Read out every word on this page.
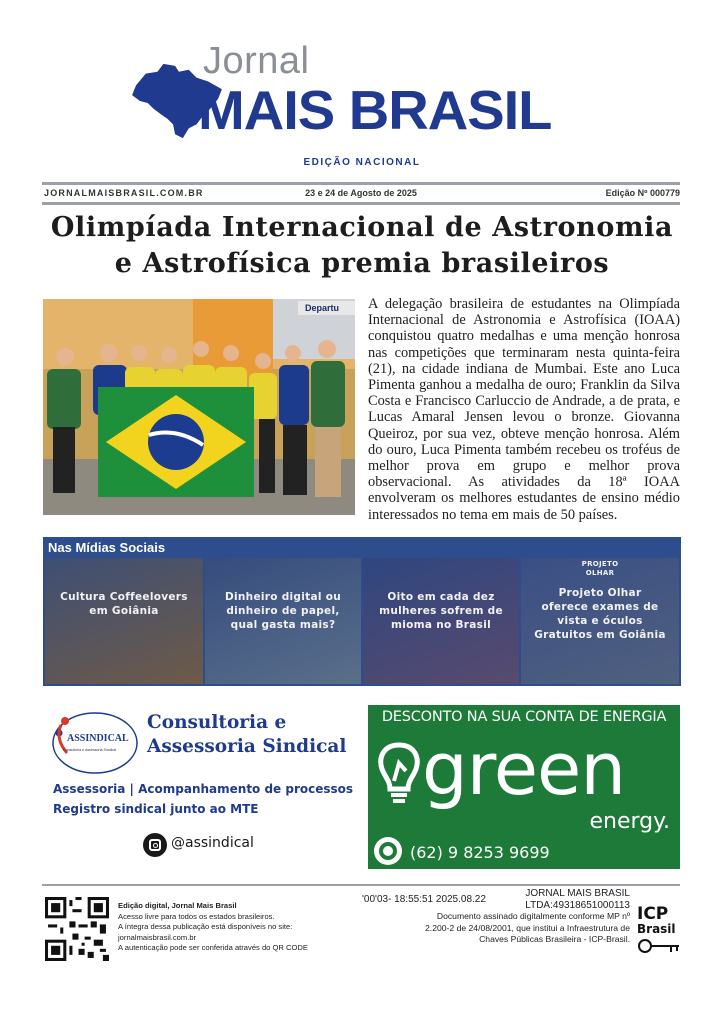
Jornal
MAIS BRASIL
EDIÇÃO NACIONAL
JORNALMAISBRASIL.COM.BR	23 e 24 de Agosto de 2025	Edição Nº 000779
Olimpíada Internacional de Astronomia
e Astrofísica premia brasileiros
Departu A delegação brasileira de estudantes na Olimpíada Internacional de Astronomia e Astrofísica (IOAA) conquistou quatro medalhas e uma menção honrosa nas competições que terminaram nesta quinta-feira (21), na cidade indiana de Mumbai. Este ano Luca Pimenta ganhou a medalha de ouro; Franklin da Silva Costa e Francisco Carluccio de Andrade, a de prata, e Lucas Amaral Jensen levou o bronze. Giovanna Queiroz, por sua vez, obteve menção honrosa. Além do ouro, Luca Pimenta também recebeu os troféus de melhor prova em grupo e melhor prova observacional. As atividades da 18ª IOAA envolveram os melhores estudantes de ensino médio interessados no tema em mais de 50 países.
Nas Mídias Sociais
Cultura Coffeelovers
em Goiânia
Dinheiro digital ou
dinheiro de papel,
qual gasta mais?
Oito em cada dez
mulheres sofrem de
mioma no Brasil
PROJETO
OLHAR
Projeto Olhar
oferece exames de
vista e óculos
Gratuitos em Goiânia
ASSINDICAL
Consultoria e Assessoria Sindical
Consultoria e
Assessoria Sindical
Assessoria | Acompanhamento de processos
Registro sindical junto ao MTE
@assindical
DESCONTO NA SUA CONTA DE ENERGIA
green
energy.
(62) 9 8253 9699
Edição digital, Jornal Mais Brasil
Acesso livre para todos os estados brasileiros.
A íntegra dessa publicação está disponíveis no site:
jornalmaisbrasil.com.br
A autenticação pode ser conferida através do QR CODE
'00'03- 18:55:51 2025.08.22
JORNAL MAIS BRASIL
LTDA:49318651000113
Documento assinado digitalmente conforme MP nº
2.200-2 de 24/08/2001, que institui a Infraestrutura de
Chaves Públicas Brasileira - ICP-Brasil.
ICP
Brasil
